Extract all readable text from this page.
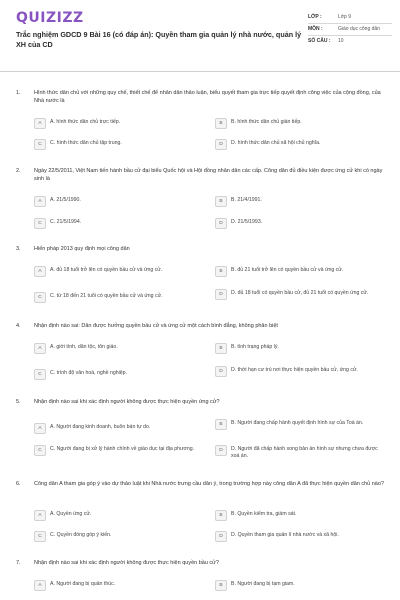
QUIZIZZ
Trắc nghiệm GDCD 9 Bài 16 (có đáp án): Quyền tham gia quản lý nhà nước, quản lý XH của CD
LỚP :	Lớp 9
MÔN :	Giáo dục công dân
SỐ CÂU :	10
1. Hình thức dân chủ với những quy chế, thiết chế để nhân dân thảo luận, biểu quyết tham gia trực tiếp quyết định công việc của cộng đồng, của Nhà nước là
A	A. hình thức dân chủ trực tiếp.	B	B. hình thức dân chủ gián tiếp.
C	C. hình thức dân chủ tập trung.	D	D. hình thức dân chủ xã hội chủ nghĩa.
2. Ngày 22/5/2011, Việt Nam tiến hành bầu cử đại biểu Quốc hội và Hội đồng nhân dân các cấp. Công dân đủ điều kiện được ứng cử khi có ngày sinh là
A	A. 21/5/1990.	B	B. 21/4/1991.
C	C. 21/5/1994.	D	D. 21/5/1993.
3. Hiến pháp 2013 quy định mọi công dân
A	A. đủ 18 tuổi trở lên có quyền bầu cử và ứng cử.	B	B. đủ 21 tuổi trở lên có quyền bầu cử và ứng cử.
C	C. từ 18 đến 21 tuổi có quyền bầu cử và ứng cử.	D	D. đủ 18 tuổi có quyền bầu cử, đủ 21 tuổi có quyền ứng cử.
4. Nhận định nào sai: Dân được hưởng quyền bầu cử và ứng cử một cách bình đẳng, không phân biệt
A	A. giới tính, dân tộc, tôn giáo.	B	B. tình trạng pháp lý.
C	C. trình độ văn hoá, nghề nghiệp.	D	D. thời hạn cư trú nơi thực hiện quyền bầu cử, ứng cử.
5. Nhận định nào sai khi xác định người không được thực hiện quyền ứng cử?
A	A. Người đang kinh doanh, buôn bán tự do.	B	B. Người đang chấp hành quyết định hình sự của Toà án.
C	C. Người đang bị xử lý hành chính về giáo dục tại địa phương.	D	D. Người đã chấp hành xong bản án hình sự nhưng chưa được xoá án.
6. Công dân A tham gia góp ý vào dự thảo luật khi Nhà nước trưng cầu dân ý, trong trường hợp này công dân A đã thực hiện quyền dân chủ nào?
A	A. Quyền ứng cử.	B	B. Quyền kiểm tra, giám sát.
C	C. Quyền đóng góp ý kiến.	D	D. Quyền tham gia quản lí nhà nước và xã hội.
7. Nhận định nào sai khi xác định người không được thực hiện quyền bầu cử?
A	A. Người đang bị quản thúc.	B	B. Người đang bị tạm giam.
